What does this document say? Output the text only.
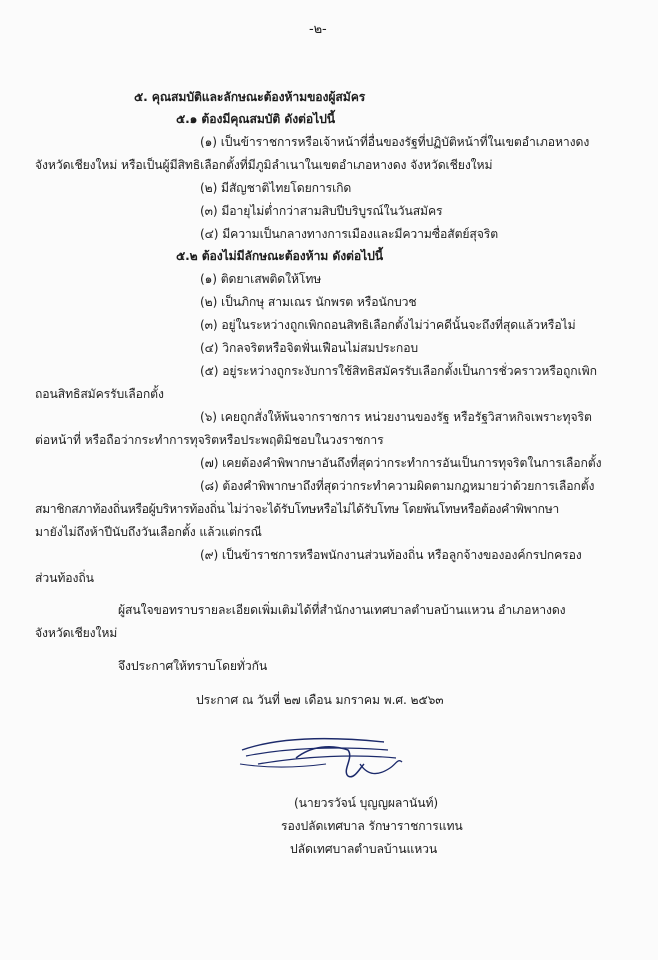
-๒-
๕. คุณสมบัติและลักษณะต้องห้ามของผู้สมัคร
๕.๑ ต้องมีคุณสมบัติ ดังต่อไปนี้
(๑) เป็นข้าราชการหรือเจ้าหน้าที่อื่นของรัฐที่ปฏิบัติหน้าที่ในเขตอำเภอหางดง
จังหวัดเชียงใหม่ หรือเป็นผู้มีสิทธิเลือกตั้งที่มีภูมิลำเนาในเขตอำเภอหางดง จังหวัดเชียงใหม่
(๒) มีสัญชาติไทยโดยการเกิด
(๓) มีอายุไม่ต่ำกว่าสามสิบปีบริบูรณ์ในวันสมัคร
(๔) มีความเป็นกลางทางการเมืองและมีความซื่อสัตย์สุจริต
๕.๒ ต้องไม่มีลักษณะต้องห้าม ดังต่อไปนี้
(๑) ติดยาเสพติดให้โทษ
(๒) เป็นภิกษุ สามเณร นักพรต หรือนักบวช
(๓) อยู่ในระหว่างถูกเพิกถอนสิทธิเลือกตั้งไม่ว่าคดีนั้นจะถึงที่สุดแล้วหรือไม่
(๔) วิกลจริตหรือจิตฟั่นเฟือนไม่สมประกอบ
(๕) อยู่ระหว่างถูกระงับการใช้สิทธิสมัครรับเลือกตั้งเป็นการชั่วคราวหรือถูกเพิก
ถอนสิทธิสมัครรับเลือกตั้ง
(๖) เคยถูกสั่งให้พ้นจากราชการ หน่วยงานของรัฐ หรือรัฐวิสาหกิจเพราะทุจริต
ต่อหน้าที่ หรือถือว่ากระทำการทุจริตหรือประพฤติมิชอบในวงราชการ
(๗) เคยต้องคำพิพากษาอันถึงที่สุดว่ากระทำการอันเป็นการทุจริตในการเลือกตั้ง
(๘) ต้องคำพิพากษาถึงที่สุดว่ากระทำความผิดตามกฎหมายว่าด้วยการเลือกตั้ง
สมาชิกสภาท้องถิ่นหรือผู้บริหารท้องถิ่น ไม่ว่าจะได้รับโทษหรือไม่ได้รับโทษ โดยพ้นโทษหรือต้องคำพิพากษา
มายังไม่ถึงห้าปีนับถึงวันเลือกตั้ง แล้วแต่กรณี
(๙) เป็นข้าราชการหรือพนักงานส่วนท้องถิ่น หรือลูกจ้างขององค์กรปกครอง
ส่วนท้องถิ่น
ผู้สนใจขอทราบรายละเอียดเพิ่มเติมได้ที่สำนักงานเทศบาลตำบลบ้านแหวน อำเภอหางดง
จังหวัดเชียงใหม่
จึงประกาศให้ทราบโดยทั่วกัน
ประกาศ ณ วันที่ ๒๗ เดือน มกราคม พ.ศ. ๒๕๖๓
(นายวรวัจน์ บุญญผลานันท์)
รองปลัดเทศบาล รักษาราชการแทน
ปลัดเทศบาลตำบลบ้านแหวน
